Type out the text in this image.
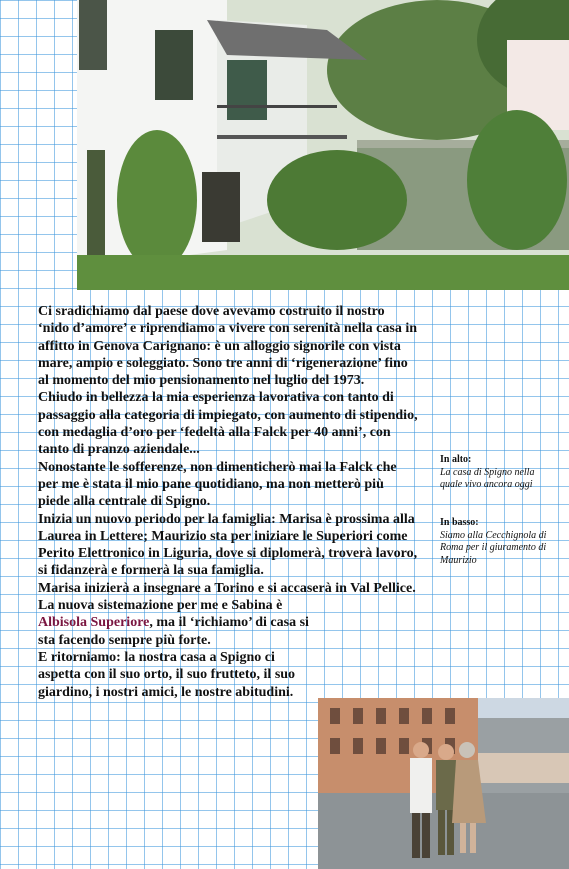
Ci sradichiamo dal paese dove avevamo costruito il nostro ‘nido d’amore’ e riprendiamo a vivere con serenità nella casa in affitto in Genova Carignano: è un alloggio signorile con vista mare, ampio e soleggiato. Sono tre anni di ‘rigenerazione’ fino al momento del mio pensionamento nel luglio del 1973.

Chiudo in bellezza la mia esperienza lavorativa con tanto di passaggio alla categoria di impiegato, con aumento di stipendio, con medaglia d’oro per ‘fedeltà alla Falck per 40 anni’, con tanto di pranzo aziendale...

Nonostante le sofferenze, non dimenticherò mai la Falck che per me è stata il mio pane quotidiano, ma non metterò più piede alla centrale di Spigno.

Inizia un nuovo periodo per la famiglia: Marisa è prossima alla Laurea in Lettere; Maurizio sta per iniziare le Superiori come Perito Elettronico in Liguria, dove si diplomerà, troverà lavoro, si fidanzerà e formerà la sua famiglia.

Marisa inizierà a insegnare a Torino e si accaserà in Val Pellice.

La nuova sistemazione per me e Sabina è Albisola Superiore, ma il ‘richiamo’ di casa si sta facendo sempre più forte.

E ritorniamo: la nostra casa a Spigno ci aspetta con il suo orto, il suo frutteto, il suo giardino, i nostri amici, le nostre abitudini.

In alto:
La casa di Spigno nella quale vivo ancora oggi
In basso:
Siamo alla Cecchignola di Roma per il giuramento di Maurizio
